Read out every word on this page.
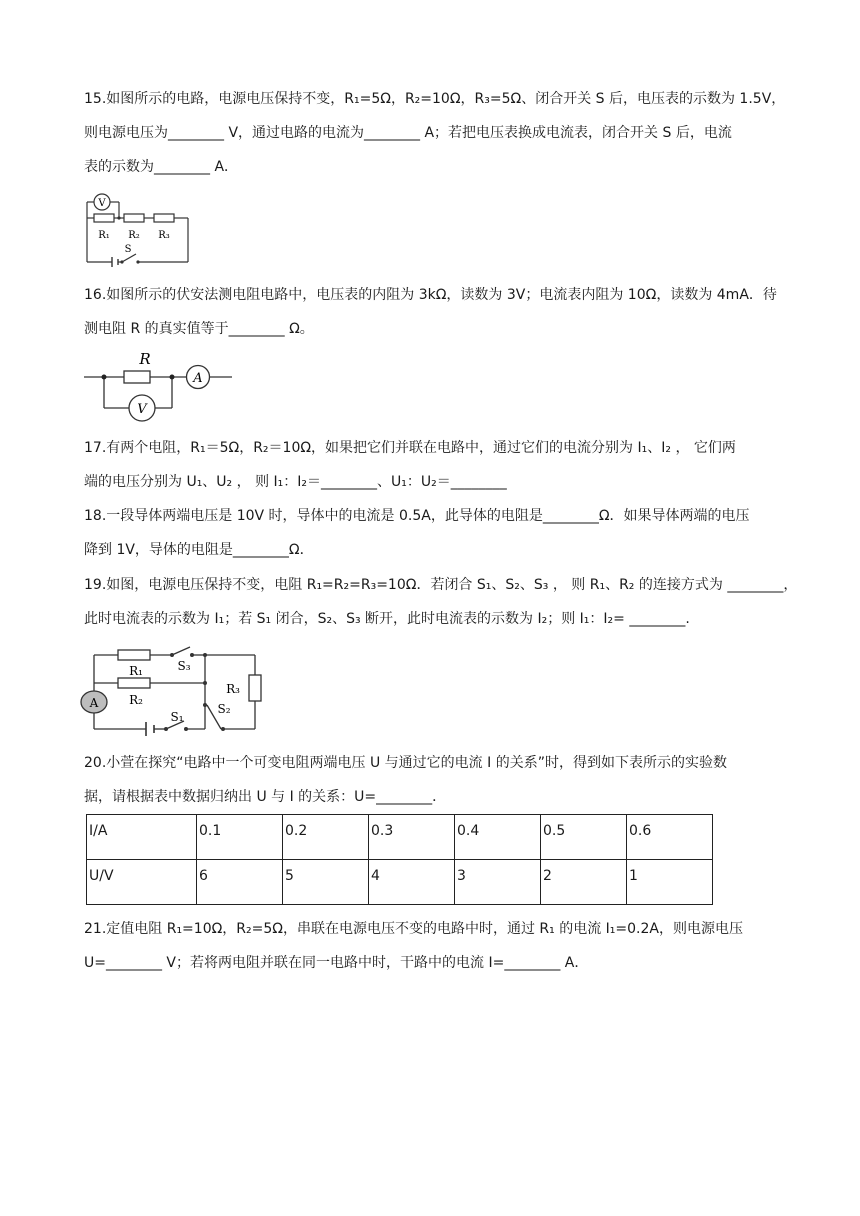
15.如图所示的电路，电源电压保持不变，R₁=5Ω，R₂=10Ω，R₃=5Ω、闭合开关 S 后，电压表的示数为 1.5V，
则电源电压为________ V，通过电路的电流为________ A；若把电压表换成电流表，闭合开关 S 后，电流
表的示数为________ A．
V
R₁ R₂ R₃
S
16.如图所示的伏安法测电阻电路中，电压表的内阻为 3kΩ，读数为 3V；电流表内阻为 10Ω，读数为 4mA．待
测电阻 R 的真实值等于________ Ω。
R
A
V
17.有两个电阻，R₁＝5Ω，R₂＝10Ω，如果把它们并联在电路中，通过它们的电流分别为 I₁、I₂ ， 它们两
端的电压分别为 U₁、U₂ ， 则 I₁：I₂＝________、U₁：U₂＝________
18.一段导体两端电压是 10V 时，导体中的电流是 0.5A，此导体的电阻是________Ω．如果导体两端的电压
降到 1V，导体的电阻是________Ω．
19.如图，电源电压保持不变，电阻 R₁=R₂=R₃=10Ω．若闭合 S₁、S₂、S₃ ， 则 R₁、R₂ 的连接方式为 ________，
此时电流表的示数为 I₁；若 S₁ 闭合，S₂、S₃ 断开，此时电流表的示数为 I₂；则 I₁：I₂= ________.
A
R₁
R₂
R₃
S₃
S₁
S₂
20.小萱在探究“电路中一个可变电阻两端电压 U 与通过它的电流 I 的关系”时，得到如下表所示的实验数
据，请根据表中数据归纳出 U 与 I 的关系：U=________．
I/A	0.1	0.2	0.3	0.4	0.5	0.6
U/V	6	5	4	3	2	1
21.定值电阻 R₁=10Ω，R₂=5Ω，串联在电源电压不变的电路中时，通过 R₁ 的电流 I₁=0.2A，则电源电压
U=________ V；若将两电阻并联在同一电路中时，干路中的电流 I=________ A．
